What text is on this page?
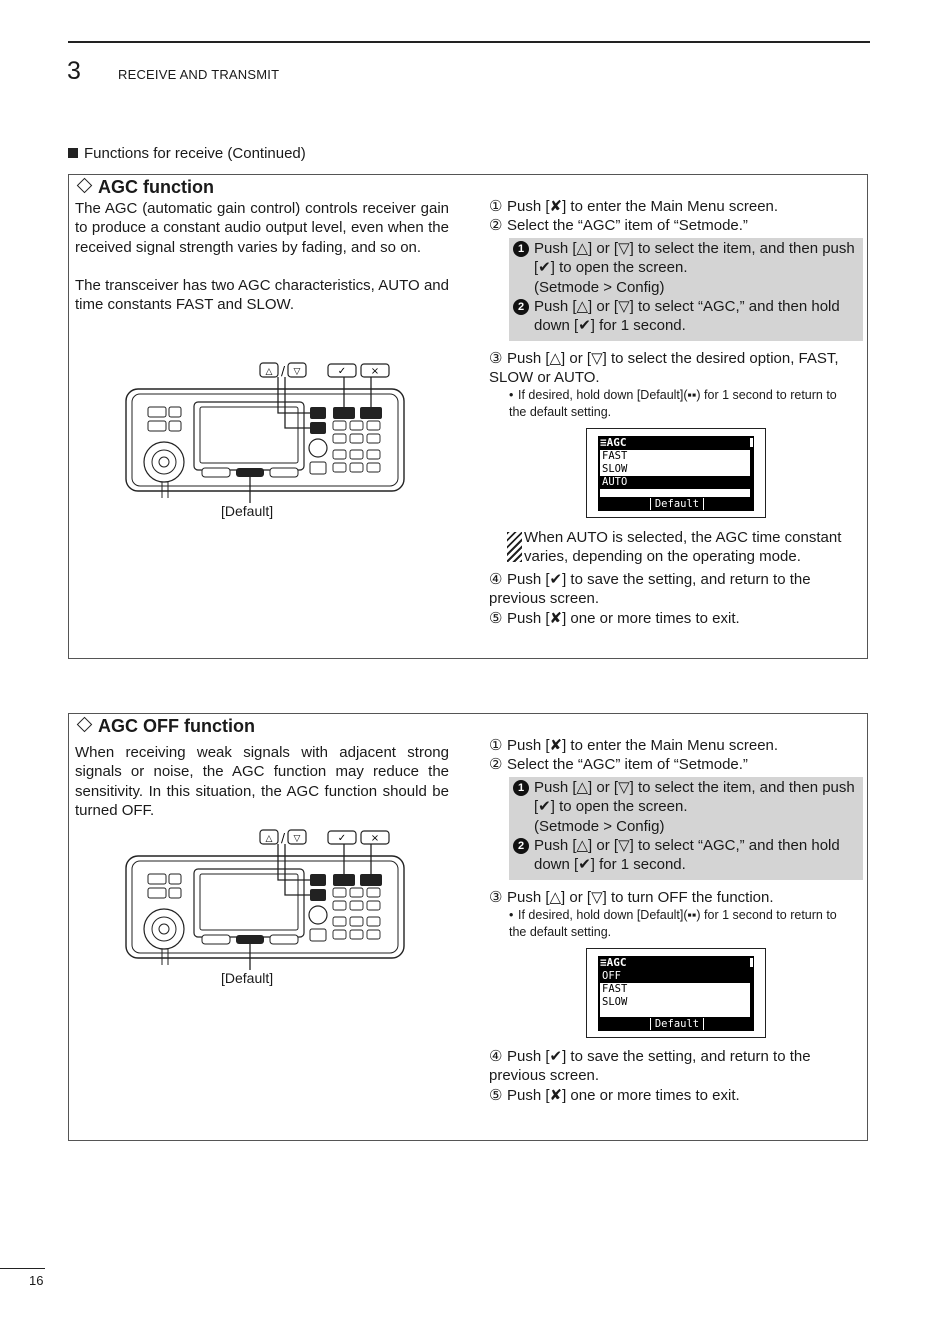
3	RECEIVE AND TRANSMIT
Functions for receive (Continued)
AGC function

The AGC (automatic gain control) controls receiver gain to produce a constant audio output level, even when the received signal strength varies by fading, and so on.

The transceiver has two AGC characteristics, AUTO and time constants FAST and SLOW.

△ / ▽	✓ ×
[Default]
① Push [✘] to enter the Main Menu screen.
② Select the “AGC” item of “Setmode.”
1 Push [△] or [▽] to select the item, and then push [✔] to open the screen.
(Setmode > Config)
2 Push [△] or [▽] to select “AGC,” and then hold down [✔] for 1 second.
③ Push [△] or [▽] to select the desired option, FAST, SLOW or AUTO.
• If desired, hold down [Default](▪▪) for 1 second to return to the default setting.
≡AGC
FAST
SLOW
AUTO
Default
When AUTO is selected, the AGC time constant varies, depending on the operating mode.
④ Push [✔] to save the setting, and return to the previous screen.
⑤ Push [✘] one or more times to exit.
AGC OFF function

When receiving weak signals with adjacent strong signals or noise, the AGC function may reduce the sensitivity. In this situation, the AGC function should be turned OFF.

△ / ▽	✓ ×
[Default]
① Push [✘] to enter the Main Menu screen.
② Select the “AGC” item of “Setmode.”
1 Push [△] or [▽] to select the item, and then push [✔] to open the screen.
(Setmode > Config)
2 Push [△] or [▽] to select “AGC,” and then hold down [✔] for 1 second.
③ Push [△] or [▽] to turn OFF the function.
• If desired, hold down [Default](▪▪) for 1 second to return to the default setting.
≡AGC
OFF
FAST
SLOW
Default
④ Push [✔] to save the setting, and return to the previous screen.
⑤ Push [✘] one or more times to exit.
16
